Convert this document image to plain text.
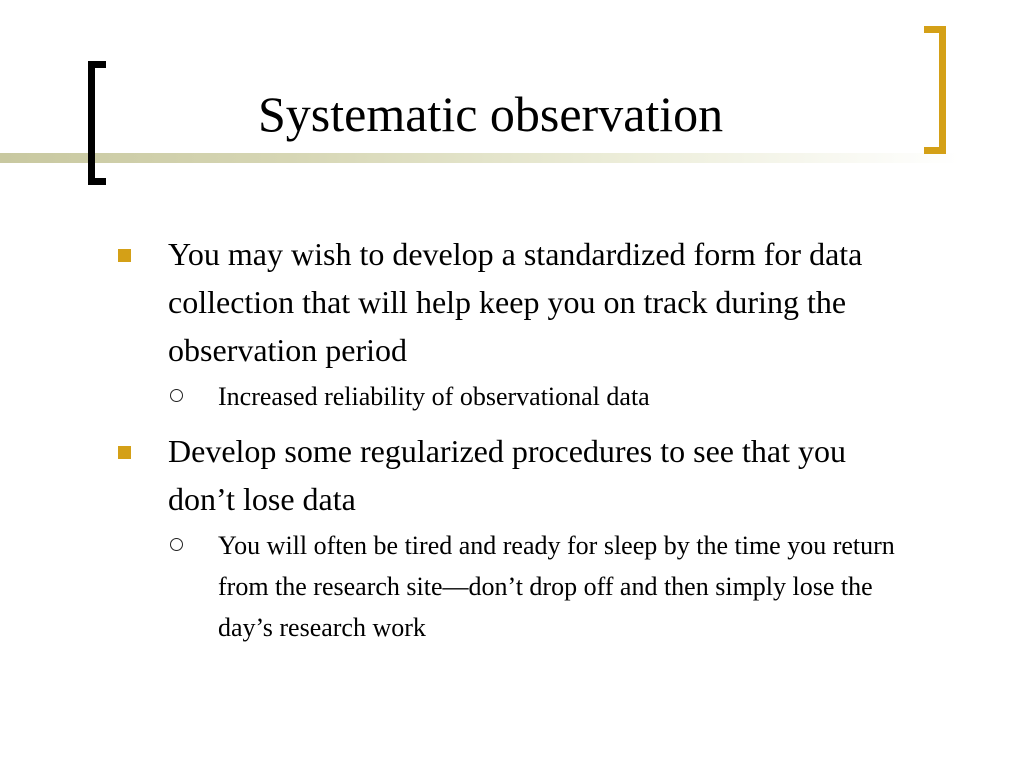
Systematic observation
You may wish to develop a standardized form for data collection that will help keep you on track during the observation period
Increased reliability of observational data
Develop some regularized procedures to see that you don’t lose data
You will often be tired and ready for sleep by the time you return from the research site—don’t drop off and then simply lose the day’s research work
